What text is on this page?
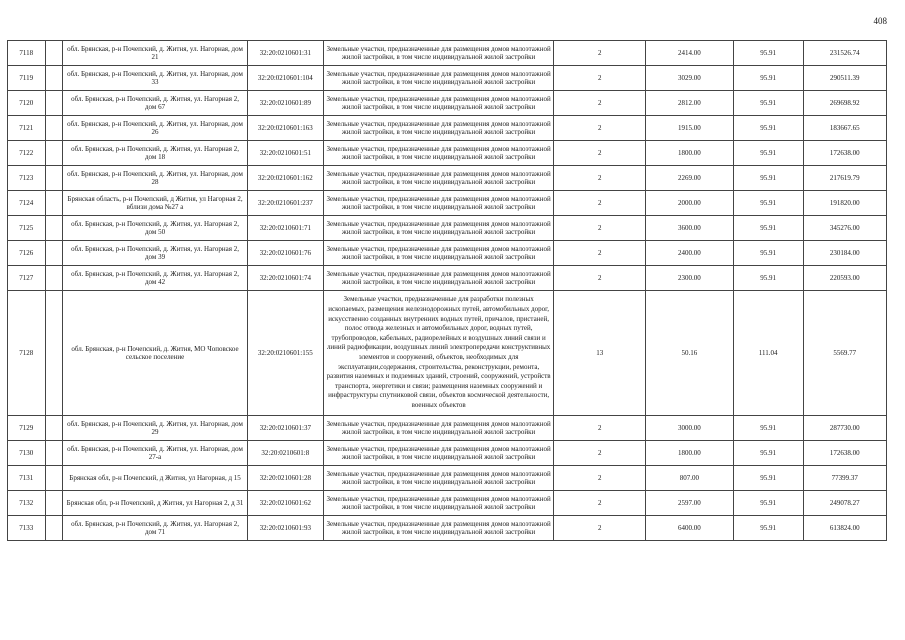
408
7118		обл. Брянская, р-н Почепский, д. Житня, ул. Нагорная, дом 21	32:20:0210601:31	Земельные участки, предназначенные для размещения домов малоэтажной жилой застройки, в том числе индивидуальной жилой застройки	2	2414.00	95.91	231526.74
7119		обл. Брянская, р-н Почепский, д. Житня, ул. Нагорная, дом 33	32:20:0210601:104	Земельные участки, предназначенные для размещения домов малоэтажной жилой застройки, в том числе индивидуальной жилой застройки	2	3029.00	95.91	290511.39
7120		обл. Брянская, р-н Почепский, д. Житня, ул. Нагорная 2, дом 67	32:20:0210601:89	Земельные участки, предназначенные для размещения домов малоэтажной жилой застройки, в том числе индивидуальной жилой застройки	2	2812.00	95.91	269698.92
7121		обл. Брянская, р-н Почепский, д. Житня, ул. Нагорная, дом 26	32:20:0210601:163	Земельные участки, предназначенные для размещения домов малоэтажной жилой застройки, в том числе индивидуальной жилой застройки	2	1915.00	95.91	183667.65
7122		обл. Брянская, р-н Почепский, д. Житня, ул. Нагорная 2, дом 18	32:20:0210601:51	Земельные участки, предназначенные для размещения домов малоэтажной жилой застройки, в том числе индивидуальной жилой застройки	2	1800.00	95.91	172638.00
7123		обл. Брянская, р-н Почепский, д. Житня, ул. Нагорная, дом 28	32:20:0210601:162	Земельные участки, предназначенные для размещения домов малоэтажной жилой застройки, в том числе индивидуальной жилой застройки	2	2269.00	95.91	217619.79
7124		Брянская область, р-н Почепский, д Житня, ул Нагорная 2, вблизи дома №27 а	32:20:0210601:237	Земельные участки, предназначенные для размещения домов малоэтажной жилой застройки, в том числе индивидуальной жилой застройки	2	2000.00	95.91	191820.00
7125		обл. Брянская, р-н Почепский, д. Житня, ул. Нагорная 2, дом 50	32:20:0210601:71	Земельные участки, предназначенные для размещения домов малоэтажной жилой застройки, в том числе индивидуальной жилой застройки	2	3600.00	95.91	345276.00
7126		обл. Брянская, р-н Почепский, д. Житня, ул. Нагорная 2, дом 39	32:20:0210601:76	Земельные участки, предназначенные для размещения домов малоэтажной жилой застройки, в том числе индивидуальной жилой застройки	2	2400.00	95.91	230184.00
7127		обл. Брянская, р-н Почепский, д. Житня, ул. Нагорная 2, дом 42	32:20:0210601:74	Земельные участки, предназначенные для размещения домов малоэтажной жилой застройки, в том числе индивидуальной жилой застройки	2	2300.00	95.91	220593.00
7128		обл. Брянская, р-н Почепский, д. Житня, МО Чоповское сельское поселение	32:20:0210601:155	Земельные участки, предназначенные для разработки полезных ископаемых, размещения железнодорожных путей, автомобильных дорог, искусственно созданных внутренних водных путей, причалов, пристаней, полос отвода железных и автомобильных дорог, водных путей, трубопроводов, кабельных, радиорелейных и воздушных линий связи и линий радиофикации, воздушных линий электропередачи конструктивных элементов и сооружений, объектов, необходимых для эксплуатации,содержания, строительства, реконструкции, ремонта, развития наземных и подземных зданий, строений, сооружений, устройств транспорта, энергетики и связи; размещения наземных сооружений и инфраструктуры спутниковой связи, объектов космической деятельности, военных объектов	13	50.16	111.04	5569.77
7129		обл. Брянская, р-н Почепский, д. Житня, ул. Нагорная, дом 29	32:20:0210601:37	Земельные участки, предназначенные для размещения домов малоэтажной жилой застройки, в том числе индивидуальной жилой застройки	2	3000.00	95.91	287730.00
7130		обл. Брянская, р-н Почепский, д. Житня, ул. Нагорная, дом 27-а	32:20:0210601:8	Земельные участки, предназначенные для размещения домов малоэтажной жилой застройки, в том числе индивидуальной жилой застройки	2	1800.00	95.91	172638.00
7131		Брянская обл, р-н Почепский, д Житня, ул Нагорная, д 15	32:20:0210601:28	Земельные участки, предназначенные для размещения домов малоэтажной жилой застройки, в том числе индивидуальной жилой застройки	2	807.00	95.91	77399.37
7132		Брянская обл, р-н Почепский, д Житня, ул Нагорная 2, д 31	32:20:0210601:62	Земельные участки, предназначенные для размещения домов малоэтажной жилой застройки, в том числе индивидуальной жилой застройки	2	2597.00	95.91	249078.27
7133		обл. Брянская, р-н Почепский, д. Житня, ул. Нагорная 2, дом 71	32:20:0210601:93	Земельные участки, предназначенные для размещения домов малоэтажной жилой застройки, в том числе индивидуальной жилой застройки	2	6400.00	95.91	613824.00
